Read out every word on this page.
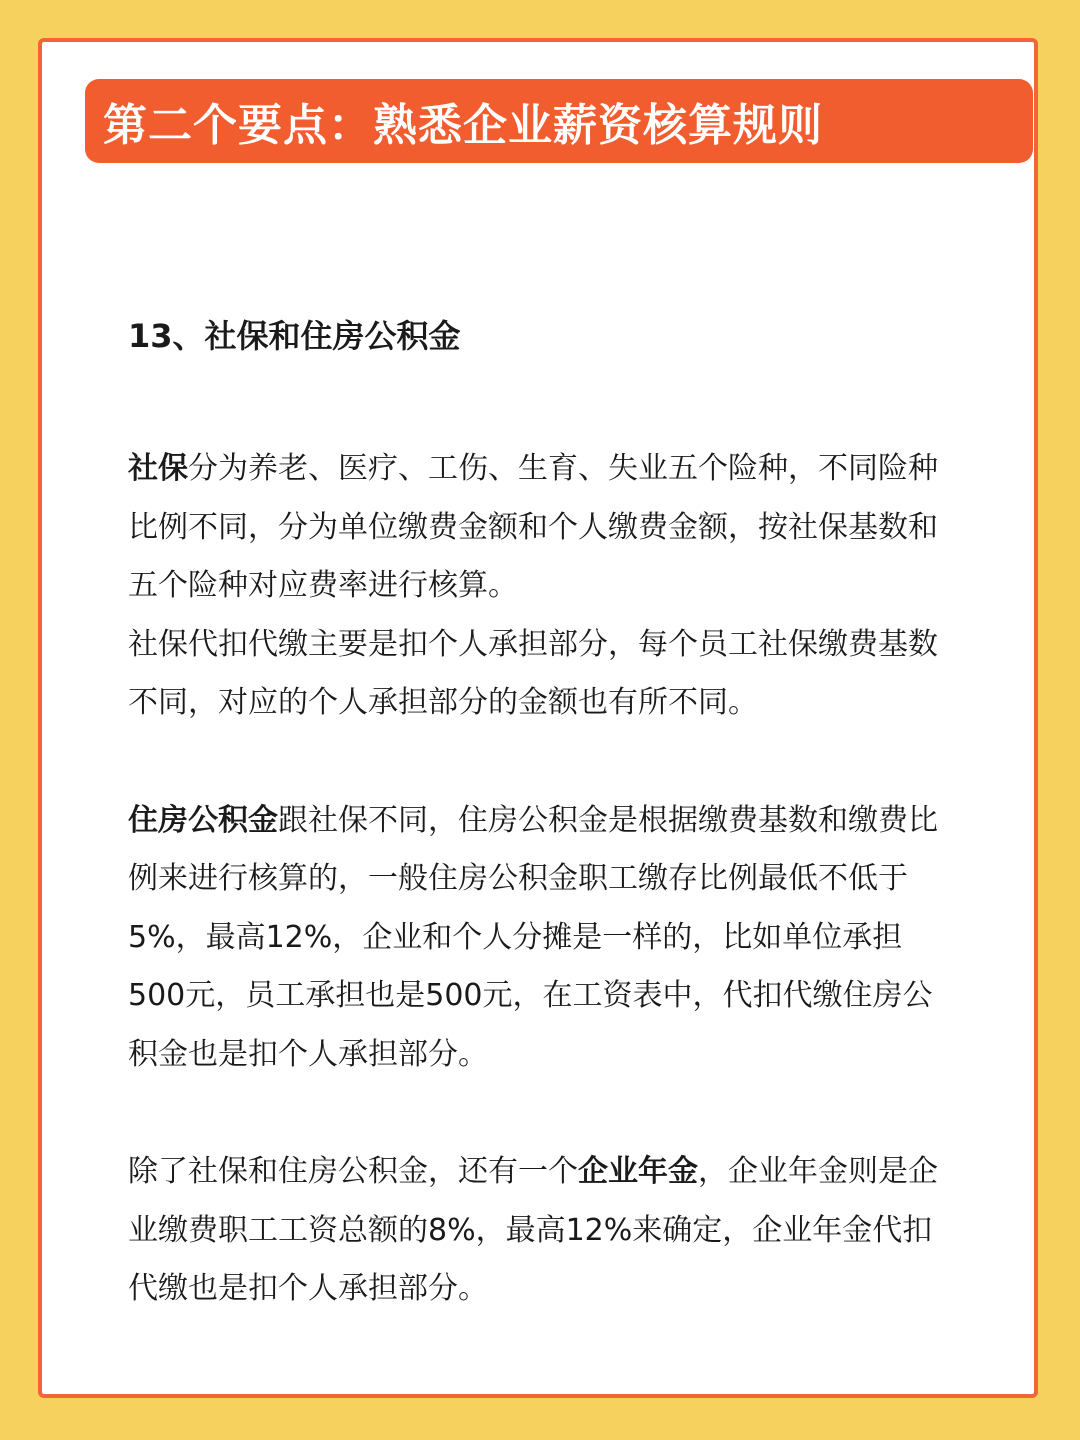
第二个要点：熟悉企业薪资核算规则
13、社保和住房公积金

社保分为养老、医疗、工伤、生育、失业五个险种，不同险种比例不同，分为单位缴费金额和个人缴费金额，按社保基数和五个险种对应费率进行核算。

社保代扣代缴主要是扣个人承担部分，每个员工社保缴费基数不同，对应的个人承担部分的金额也有所不同。

住房公积金跟社保不同，住房公积金是根据缴费基数和缴费比例来进行核算的，一般住房公积金职工缴存比例最低不低于5%，最高12%，企业和个人分摊是一样的，比如单位承担500元，员工承担也是500元，在工资表中，代扣代缴住房公积金也是扣个人承担部分。

除了社保和住房公积金，还有一个企业年金，企业年金则是企业缴费职工工资总额的8%，最高12%来确定，企业年金代扣代缴也是扣个人承担部分。
